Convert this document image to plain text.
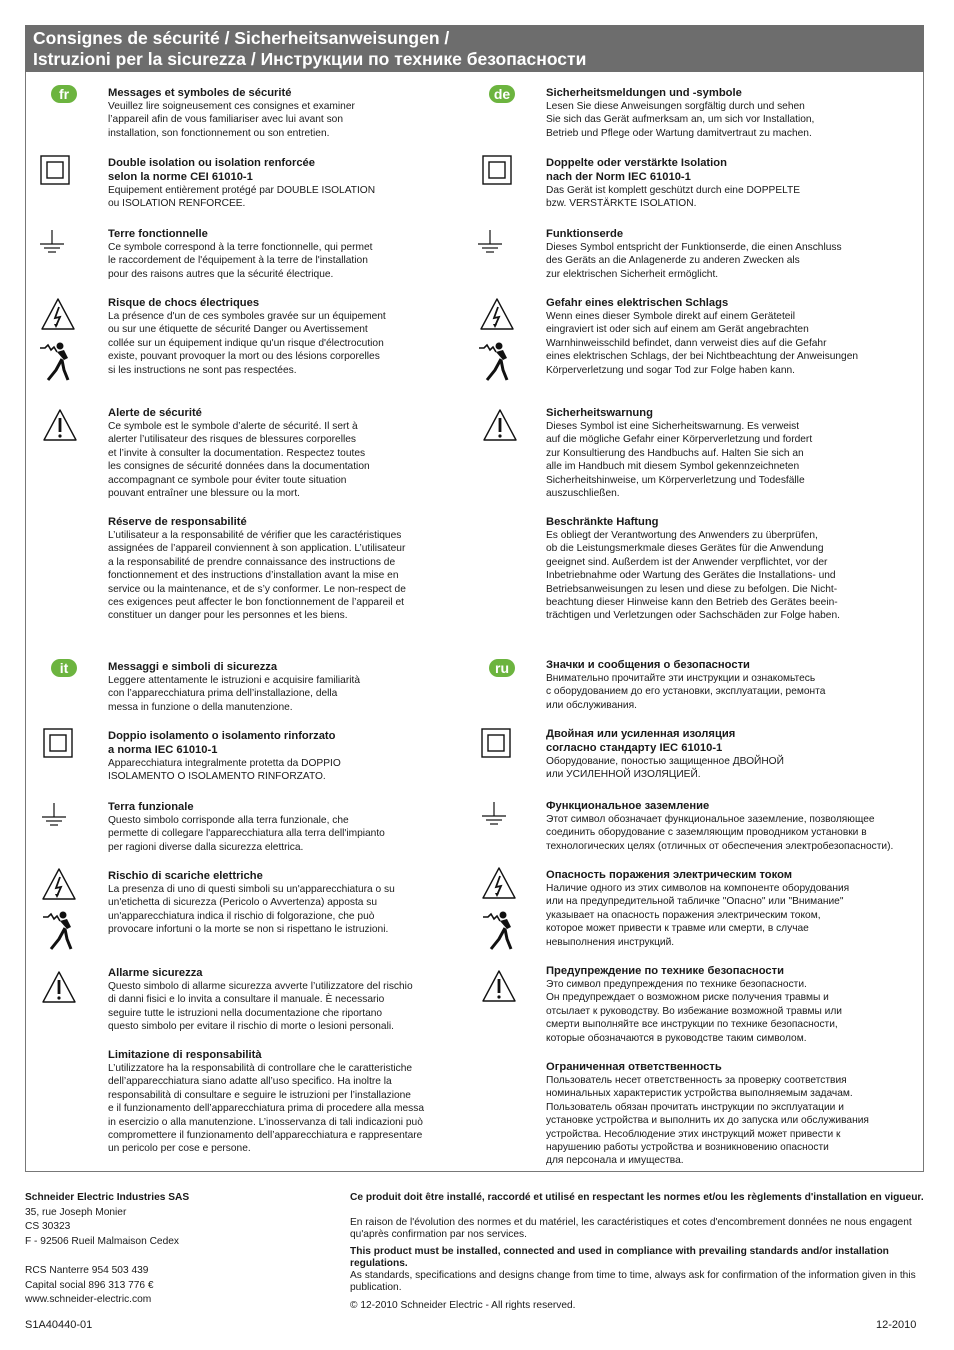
Consignes de sécurité / Sicherheitsanweisungen /
Istruzioni per la sicurezza / Инструкции по технике безопасности
fr	de
it	ru
Messages et symboles de sécurité

Veuillez lire soigneusement ces consignes et examiner

l’appareil afin de vous familiariser avec lui avant son

installation, son fonctionnement ou son entretien.

Double isolation ou isolation renforcée
selon la norme CEI 61010-1

Equipement entièrement protégé par DOUBLE ISOLATION

ou ISOLATION RENFORCEE.

Terre fonctionnelle

Ce symbole correspond à la terre fonctionnelle, qui permet

le raccordement de l'équipement à la terre de l'installation

pour des raisons autres que la sécurité électrique.

Risque de chocs électriques

La présence d'un de ces symboles gravée sur un équipement

ou sur une étiquette de sécurité Danger ou Avertissement

collée sur un équipement indique qu'un risque d'électrocution

existe, pouvant provoquer la mort ou des lésions corporelles

si les instructions ne sont pas respectées.

Alerte de sécurité

Ce symbole est le symbole d’alerte de sécurité. Il sert à

alerter l’utilisateur des risques de blessures corporelles

et l’invite à consulter la documentation. Respectez toutes

les consignes de sécurité données dans la documentation

accompagnant ce symbole pour éviter toute situation

pouvant entraîner une blessure ou la mort.

Réserve de responsabilité

L’utilisateur a la responsabilité de vérifier que les caractéristiques

assignées de l’appareil conviennent à son application. L’utilisateur

a la responsabilité de prendre connaissance des instructions de

fonctionnement et des instructions d’installation avant la mise en

service ou la maintenance, et de s’y conformer. Le non-respect de

ces exigences peut affecter le bon fonctionnement de l’appareil et

constituer un danger pour les personnes et les biens.

Sicherheitsmeldungen und -symbole

Lesen Sie diese Anweisungen sorgfältig durch und sehen

Sie sich das Gerät aufmerksam an, um sich vor Installation,

Betrieb und Pflege oder Wartung damitvertraut zu machen.

Doppelte oder verstärkte Isolation
nach der Norm IEC 61010-1

Das Gerät ist komplett geschützt durch eine DOPPELTE

bzw. VERSTÄRKTE ISOLATION.

Funktionserde

Dieses Symbol entspricht der Funktionserde, die einen Anschluss

des Geräts an die Anlagenerde zu anderen Zwecken als

zur elektrischen Sicherheit ermöglicht.

Gefahr eines elektrischen Schlags

Wenn eines dieser Symbole direkt auf einem Geräteteil

eingraviert ist oder sich auf einem am Gerät angebrachten

Warnhinweisschild befindet, dann verweist dies auf die Gefahr

eines elektrischen Schlags, der bei Nichtbeachtung der Anweisungen

Körperverletzung und sogar Tod zur Folge haben kann.

Sicherheitswarnung

Dieses Symbol ist eine Sicherheitswarnung. Es verweist

auf die mögliche Gefahr einer Körperverletzung und fordert

zur Konsultierung des Handbuchs auf. Halten Sie sich an

alle im Handbuch mit diesem Symbol gekennzeichneten

Sicherheitshinweise, um Körperverletzung und Todesfälle

auszuschließen.

Beschränkte Haftung

Es obliegt der Verantwortung des Anwenders zu überprüfen,

ob die Leistungsmerkmale dieses Gerätes für die Anwendung

geeignet sind. Außerdem ist der Anwender verpflichtet, vor der

Inbetriebnahme oder Wartung des Gerätes die Installations- und

Betriebsanweisungen zu lesen und diese zu befolgen. Die Nicht-

beachtung dieser Hinweise kann den Betrieb des Gerätes beein-

trächtigen und Verletzungen oder Sachschäden zur Folge haben.

Messaggi e simboli di sicurezza

Leggere attentamente le istruzioni e acquisire familiarità

con l’apparecchiatura prima dell’installazione, della

messa in funzione o della manutenzione.

Doppio isolamento o isolamento rinforzato
a norma IEC 61010-1

Apparecchiatura integralmente protetta da DOPPIO

ISOLAMENTO O ISOLAMENTO RINFORZATO.

Terra funzionale

Questo simbolo corrisponde alla terra funzionale, che

permette di collegare l'apparecchiatura alla terra dell'impianto

per ragioni diverse dalla sicurezza elettrica.

Rischio di scariche elettriche

La presenza di uno di questi simboli su un'apparecchiatura o su

un'etichetta di sicurezza (Pericolo o Avvertenza) apposta su

un'apparecchiatura indica il rischio di folgorazione, che può

provocare infortuni o la morte se non si rispettano le istruzioni.

Allarme sicurezza

Questo simbolo di allarme sicurezza avverte l’utilizzatore del rischio

di danni fisici e lo invita a consultare il manuale. È necessario

seguire tutte le istruzioni nella documentazione che riportano

questo simbolo per evitare il rischio di morte o lesioni personali.

Limitazione di responsabilità

L’utilizzatore ha la responsabilità di controllare che le caratteristiche

dell’apparecchiatura siano adatte all’uso specifico. Ha inoltre la

responsabilità di consultare e seguire le istruzioni per l’installazione

e il funzionamento dell’apparecchiatura prima di procedere alla messa

in esercizio o alla manutenzione. L’inosservanza di tali indicazioni può

compromettere il funzionamento dell’apparecchiatura e rappresentare

un pericolo per cose e persone.

Значки и сообщения о безопасности

Внимательно прочитайте эти инструкции и ознакомьтесь

с оборудованием до его установки, эксплуатации, ремонта

или обслуживания.

Двойная или усиленная изоляция
согласно стандарту IEC 61010-1

Оборудование, поностью защищенное ДВОЙНОЙ

или УСИЛЕННОЙ ИЗОЛЯЦИЕЙ.

Функциональное заземление

Этот символ обозначает функциональное заземление, позволяющее

соединить оборудование с заземляющим проводником установки в

технологических целях (отличных от обеспечения электробезопасности).

Опасность поражения электрическим током

Наличие одного из этих символов на компоненте оборудования

или на предупредительной табличке "Опасно" или "Внимание"

указывает на опасность поражения электрическим током,

которое может привести к травме или смерти, в случае

невыполнения инструкций.

Предупреждение по технике безопасности

Это символ предупреждения по технике безопасности.

Он предупреждает о возможном риске получения травмы и

отсылает к руководству. Во избежание возможной травмы или

смерти выполняйте все инструкции по технике безопасности,

которые обозначаются в руководстве таким символом.

Ограниченная ответственность

Пользователь несет ответственность за проверку соответствия

номинальных характеристик устройства выполняемым задачам.

Пользователь обязан прочитать инструкции по эксплуатации и

установке устройства и выполнить их до запуска или обслуживания

устройства. Несоблюдение этих инструкций может привести к

нарушению работы устройства и возникновению опасности

для персонала и имущества.

Schneider Electric Industries SAS
35, rue Joseph Monier
CS 30323
F - 92506 Rueil Malmaison Cedex
RCS Nanterre 954 503 439
Capital social 896 313 776 €
www.schneider-electric.com
Ce produit doit être installé, raccordé et utilisé en respectant les normes et/ou les règlements d'installation en vigueur.
En raison de l'évolution des normes et du matériel, les caractéristiques et cotes d'encombrement données ne nous engagent qu'après confirmation par nos services.
This product must be installed, connected and used in compliance with prevailing standards and/or installation regulations.
As standards, specifications and designs change from time to time, always ask for confirmation of the information given in this publication.
© 12-2010 Schneider Electric - All rights reserved.
S1A40440-01	12-2010
